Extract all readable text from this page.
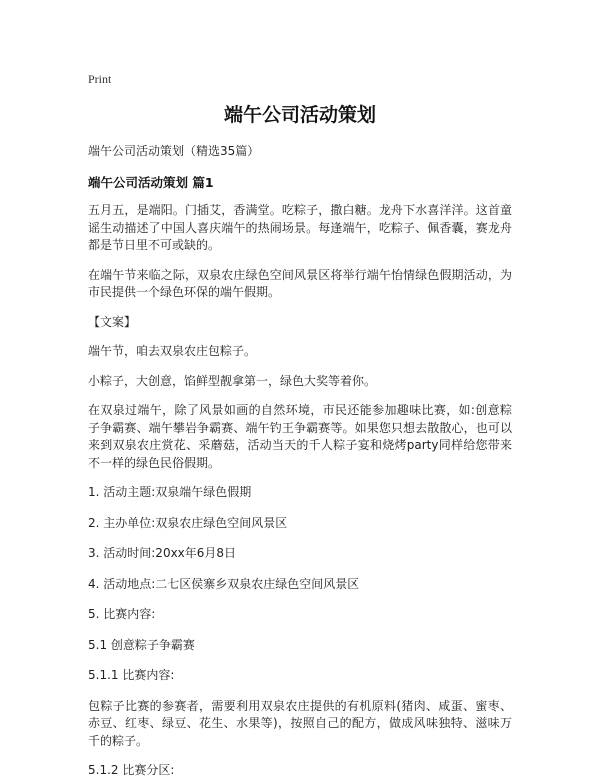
Print
端午公司活动策划
端午公司活动策划（精选35篇）
端午公司活动策划 篇1

五月五，是端阳。门插艾，香满堂。吃粽子，撒白糖。龙舟下水喜洋洋。这首童谣生动描述了中国人喜庆端午的热闹场景。每逢端午，吃粽子、佩香囊，赛龙舟都是节日里不可或缺的。

在端午节来临之际，双泉农庄绿色空间风景区将举行端午怡情绿色假期活动，为市民提供一个绿色环保的端午假期。

【文案】

端午节，咱去双泉农庄包粽子。

小粽子，大创意，馅鲜型靓拿第一，绿色大奖等着你。

在双泉过端午，除了风景如画的自然环境，市民还能参加趣味比赛，如:创意粽子争霸赛、端午攀岩争霸赛、端午钓王争霸赛等。如果您只想去散散心，也可以来到双泉农庄赏花、采蘑菇，活动当天的千人粽子宴和烧烤party同样给您带来不一样的绿色民俗假期。

1. 活动主题:双泉端午绿色假期

2. 主办单位:双泉农庄绿色空间风景区

3. 活动时间:20xx年6月8日

4. 活动地点:二七区侯寨乡双泉农庄绿色空间风景区

5. 比赛内容:

5.1 创意粽子争霸赛

5.1.1 比赛内容:

包粽子比赛的参赛者，需要利用双泉农庄提供的有机原料(猪肉、咸蛋、蜜枣、赤豆、红枣、绿豆、花生、水果等)，按照自己的配方，做成风味独特、滋味万千的粽子。

5.1.2 比赛分区:
